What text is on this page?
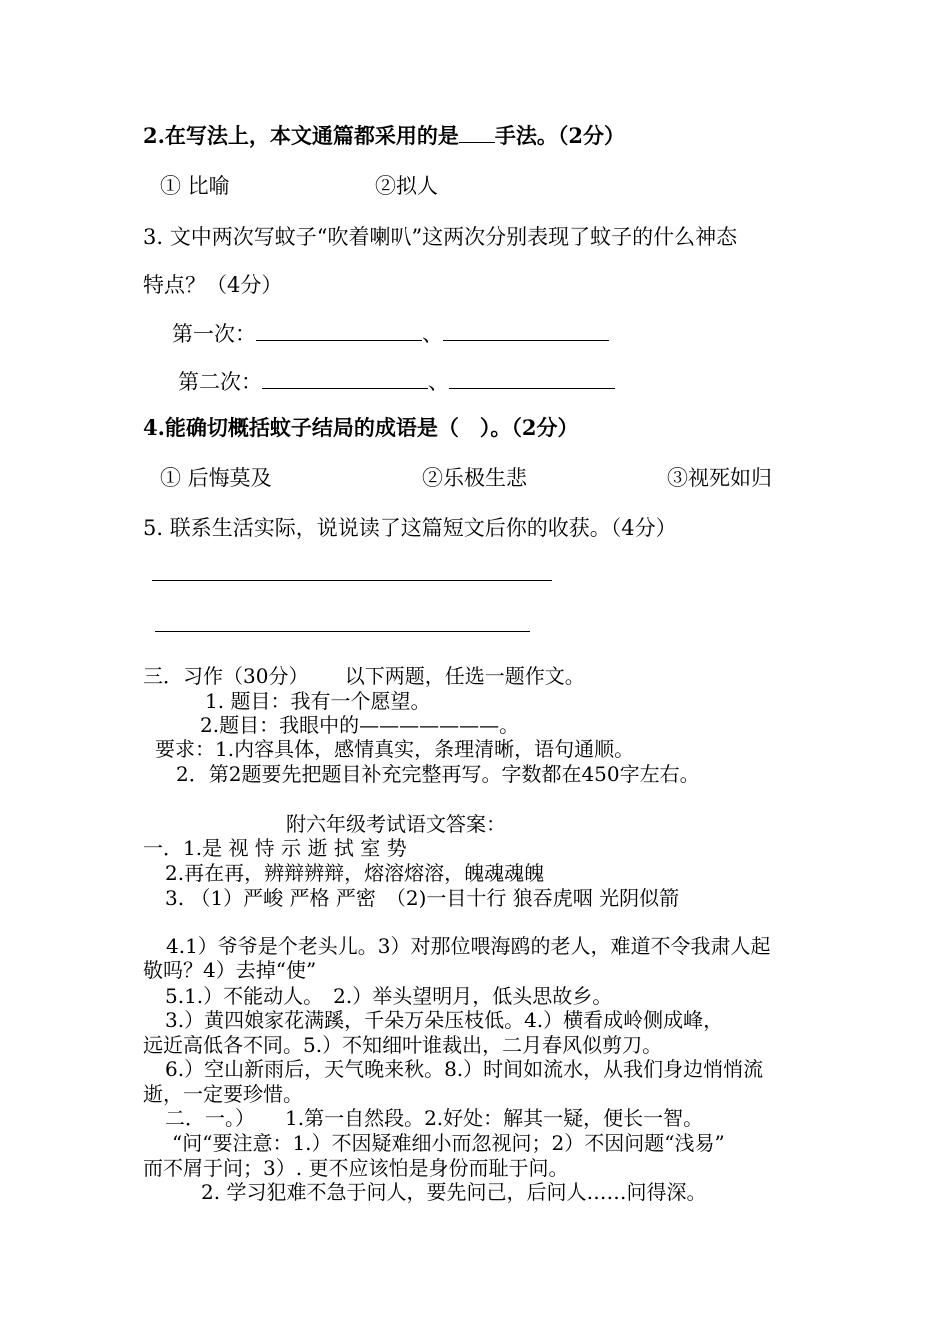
2.在写法上，本文通篇都采用的是 手法。（2分）
① 比喻	②拟人
3. 文中两次写蚊子“吹着喇叭”这两次分别表现了蚊子的什么神态
特点？（4分）
第一次：	、
第二次：	、
4.能确切概括蚊子结局的成语是（　）。（2分）
① 后悔莫及	②乐极生悲	③视死如归
5. 联系生活实际，说说读了这篇短文后你的收获。（4分）
三．习作（30分）　　 以下两题，任选一题作文。
1. 题目：我有一个愿望。
2.题目：我眼中的———————。
要求：1.内容具体，感情真实，条理清晰，语句通顺。
2．第2题要先把题目补充完整再写。字数都在450字左右。
附六年级考试语文答案：
一．1.是 视 恃 示 逝 拭 室 势
2.再在再，辨辩辨辩，熔溶熔溶，魄魂魂魄
3. （1）严峻 严格 严密　（2)一目十行 狼吞虎咽 光阴似箭
4.1）爷爷是个老头儿。3）对那位喂海鸥的老人，难道不令我肃人起
敬吗？4）去掉“使”
5.1.）不能动人。　2.）举头望明月，低头思故乡。
3.）黄四娘家花满蹊，千朵万朵压枝低。4.）横看成岭侧成峰，
远近高低各不同。5.）不知细叶谁裁出，二月春风似剪刀。
6.）空山新雨后，天气晚来秋。8.）时间如流水，从我们身边悄悄流
逝，一定要珍惜。
二．一。）　　1.第一自然段。2.好处：解其一疑，便长一智。
“问“要注意：1.）不因疑难细小而忽视问；2）不因问题“浅易”
而不屑于问；3）. 更不应该怕是身份而耻于问。
2. 学习犯难不急于问人，要先问己，后问人……问得深。
